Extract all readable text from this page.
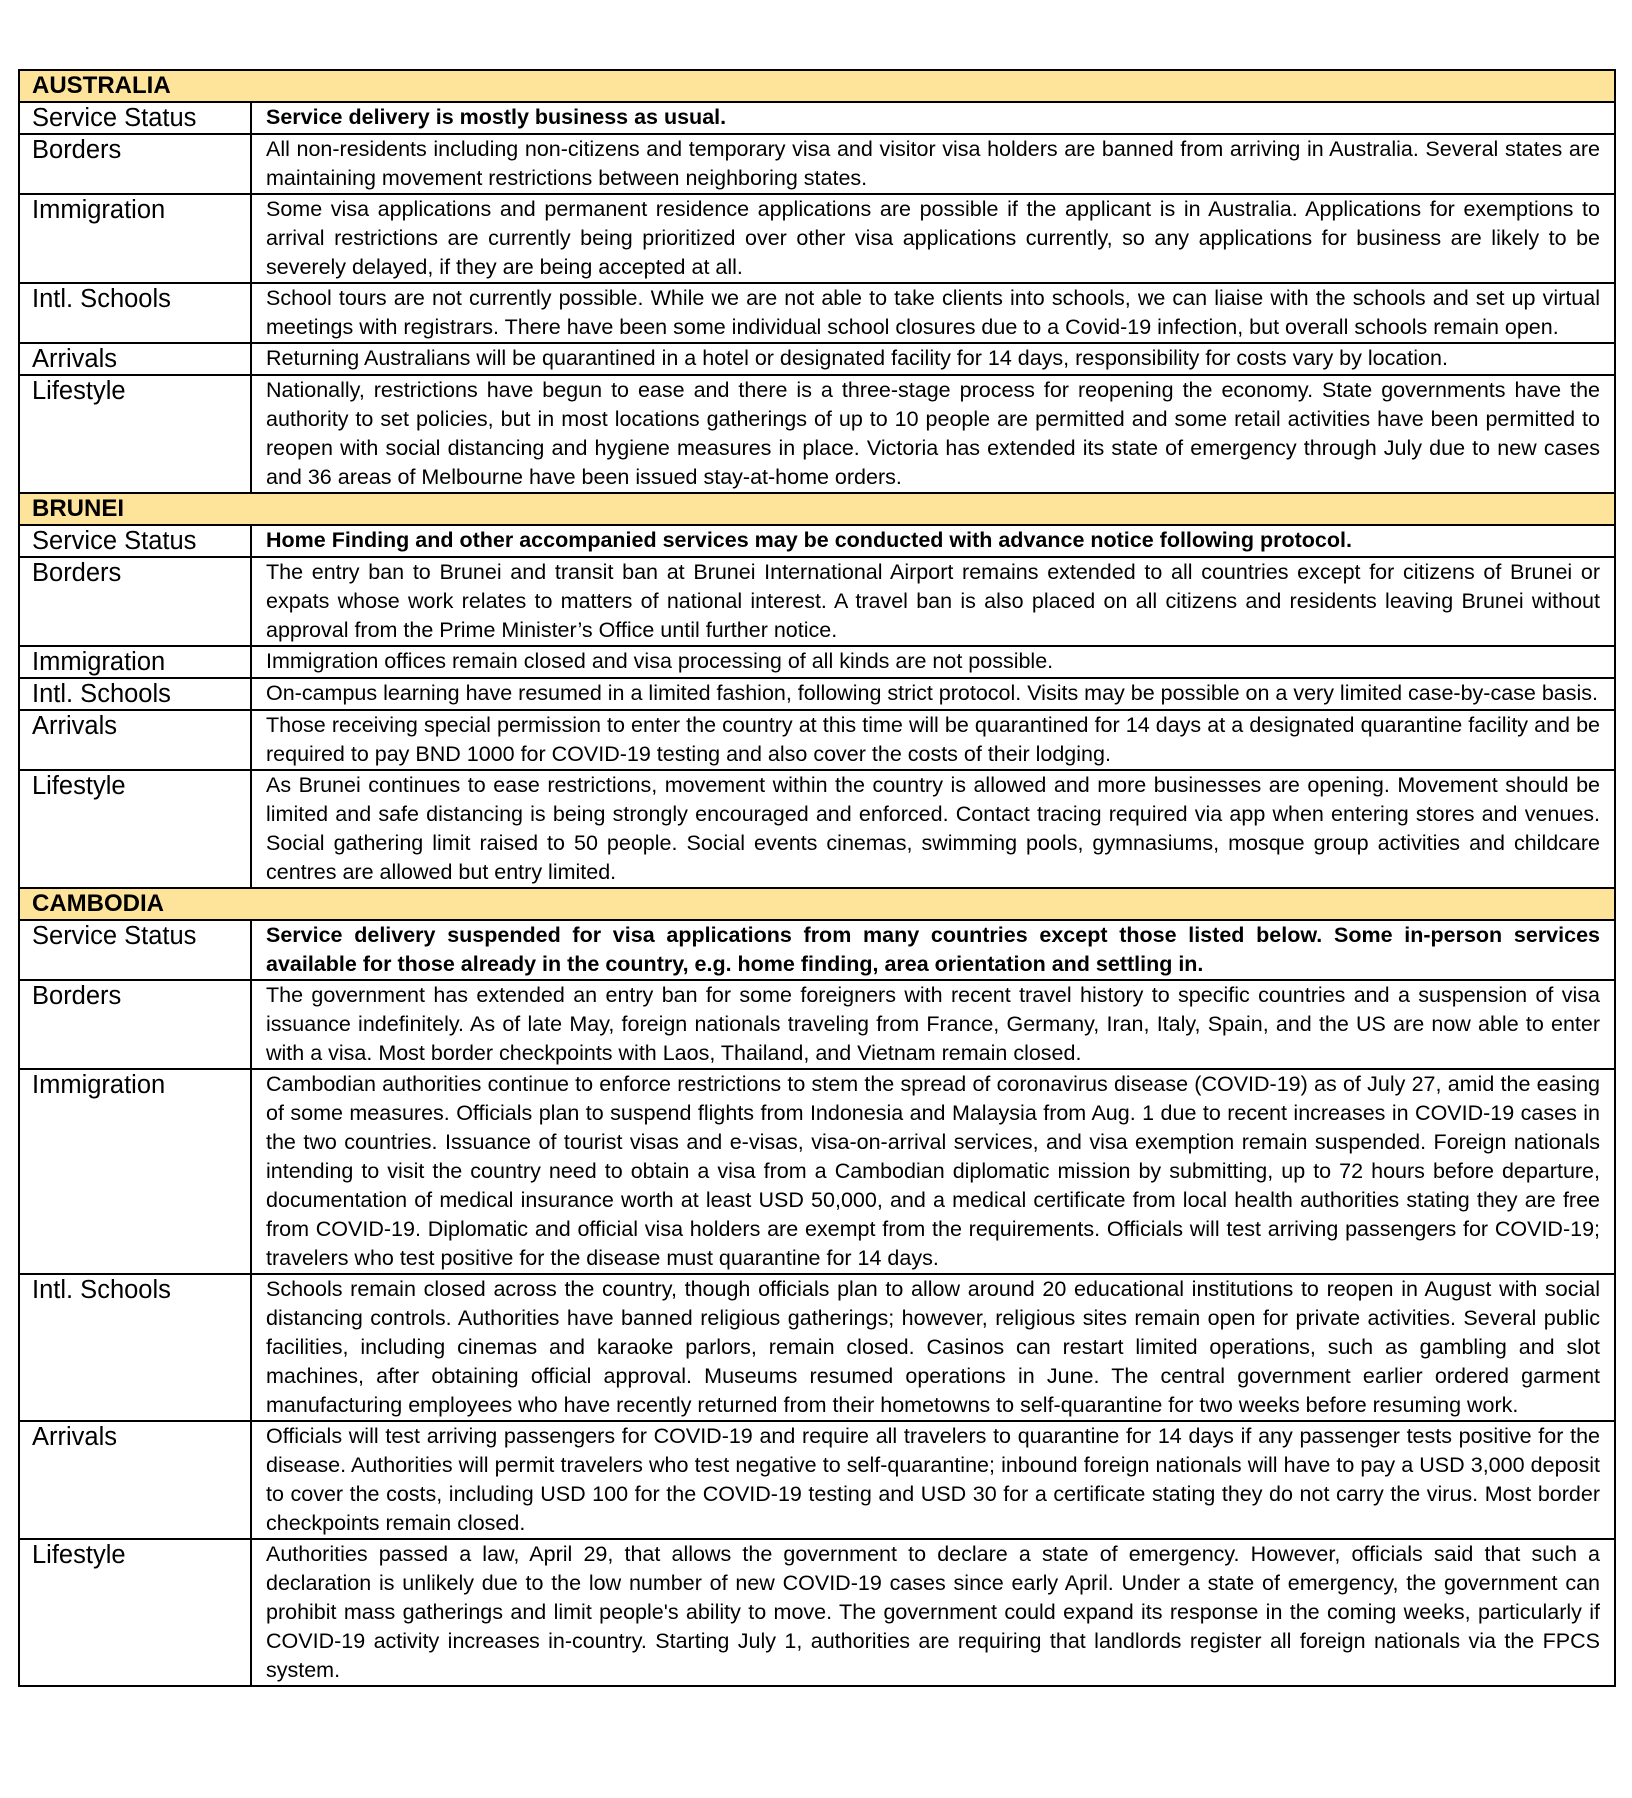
AUSTRALIA	
Service Status	Service delivery is mostly business as usual.
Borders	All non-residents including non-citizens and temporary visa and visitor visa holders are banned from arriving in Australia. Several states are maintaining movement restrictions between neighboring states.
Immigration	Some visa applications and permanent residence applications are possible if the applicant is in Australia. Applications for exemptions to arrival restrictions are currently being prioritized over other visa applications currently, so any applications for business are likely to be severely delayed, if they are being accepted at all.
Intl. Schools	School tours are not currently possible. While we are not able to take clients into schools, we can liaise with the schools and set up virtual meetings with registrars. There have been some individual school closures due to a Covid-19 infection, but overall schools remain open.
Arrivals	Returning Australians will be quarantined in a hotel or designated facility for 14 days, responsibility for costs vary by location.
Lifestyle	Nationally, restrictions have begun to ease and there is a three-stage process for reopening the economy. State governments have the authority to set policies, but in most locations gatherings of up to 10 people are permitted and some retail activities have been permitted to reopen with social distancing and hygiene measures in place. Victoria has extended its state of emergency through July due to new cases and 36 areas of Melbourne have been issued stay-at-home orders.
BRUNEI	
Service Status	Home Finding and other accompanied services may be conducted with advance notice following protocol.
Borders	The entry ban to Brunei and transit ban at Brunei International Airport remains extended to all countries except for citizens of Brunei or expats whose work relates to matters of national interest. A travel ban is also placed on all citizens and residents leaving Brunei without approval from the Prime Minister’s Office until further notice.
Immigration	Immigration offices remain closed and visa processing of all kinds are not possible.
Intl. Schools	On-campus learning have resumed in a limited fashion, following strict protocol. Visits may be possible on a very limited case-by-case basis.
Arrivals	Those receiving special permission to enter the country at this time will be quarantined for 14 days at a designated quarantine facility and be required to pay BND 1000 for COVID-19 testing and also cover the costs of their lodging.
Lifestyle	As Brunei continues to ease restrictions, movement within the country is allowed and more businesses are opening. Movement should be limited and safe distancing is being strongly encouraged and enforced. Contact tracing required via app when entering stores and venues. Social gathering limit raised to 50 people. Social events cinemas, swimming pools, gymnasiums, mosque group activities and childcare centres are allowed but entry limited.
CAMBODIA	
Service Status	Service delivery suspended for visa applications from many countries except those listed below. Some in-person services available for those already in the country, e.g. home finding, area orientation and settling in.
Borders	The government has extended an entry ban for some foreigners with recent travel history to specific countries and a suspension of visa issuance indefinitely. As of late May, foreign nationals traveling from France, Germany, Iran, Italy, Spain, and the US are now able to enter with a visa. Most border checkpoints with Laos, Thailand, and Vietnam remain closed.
Immigration	Cambodian authorities continue to enforce restrictions to stem the spread of coronavirus disease (COVID-19) as of July 27, amid the easing of some measures. Officials plan to suspend flights from Indonesia and Malaysia from Aug. 1 due to recent increases in COVID-19 cases in the two countries. Issuance of tourist visas and e-visas, visa-on-arrival services, and visa exemption remain suspended. Foreign nationals intending to visit the country need to obtain a visa from a Cambodian diplomatic mission by submitting, up to 72 hours before departure, documentation of medical insurance worth at least USD 50,000, and a medical certificate from local health authorities stating they are free from COVID-19. Diplomatic and official visa holders are exempt from the requirements. Officials will test arriving passengers for COVID-19; travelers who test positive for the disease must quarantine for 14 days.
Intl. Schools	Schools remain closed across the country, though officials plan to allow around 20 educational institutions to reopen in August with social distancing controls. Authorities have banned religious gatherings; however, religious sites remain open for private activities. Several public facilities, including cinemas and karaoke parlors, remain closed. Casinos can restart limited operations, such as gambling and slot machines, after obtaining official approval. Museums resumed operations in June. The central government earlier ordered garment manufacturing employees who have recently returned from their hometowns to self-quarantine for two weeks before resuming work.
Arrivals	Officials will test arriving passengers for COVID-19 and require all travelers to quarantine for 14 days if any passenger tests positive for the disease. Authorities will permit travelers who test negative to self-quarantine; inbound foreign nationals will have to pay a USD 3,000 deposit to cover the costs, including USD 100 for the COVID-19 testing and USD 30 for a certificate stating they do not carry the virus. Most border checkpoints remain closed.
Lifestyle	Authorities passed a law, April 29, that allows the government to declare a state of emergency. However, officials said that such a declaration is unlikely due to the low number of new COVID-19 cases since early April. Under a state of emergency, the government can prohibit mass gatherings and limit people's ability to move. The government could expand its response in the coming weeks, particularly if COVID-19 activity increases in-country. Starting July 1, authorities are requiring that landlords register all foreign nationals via the FPCS system.
